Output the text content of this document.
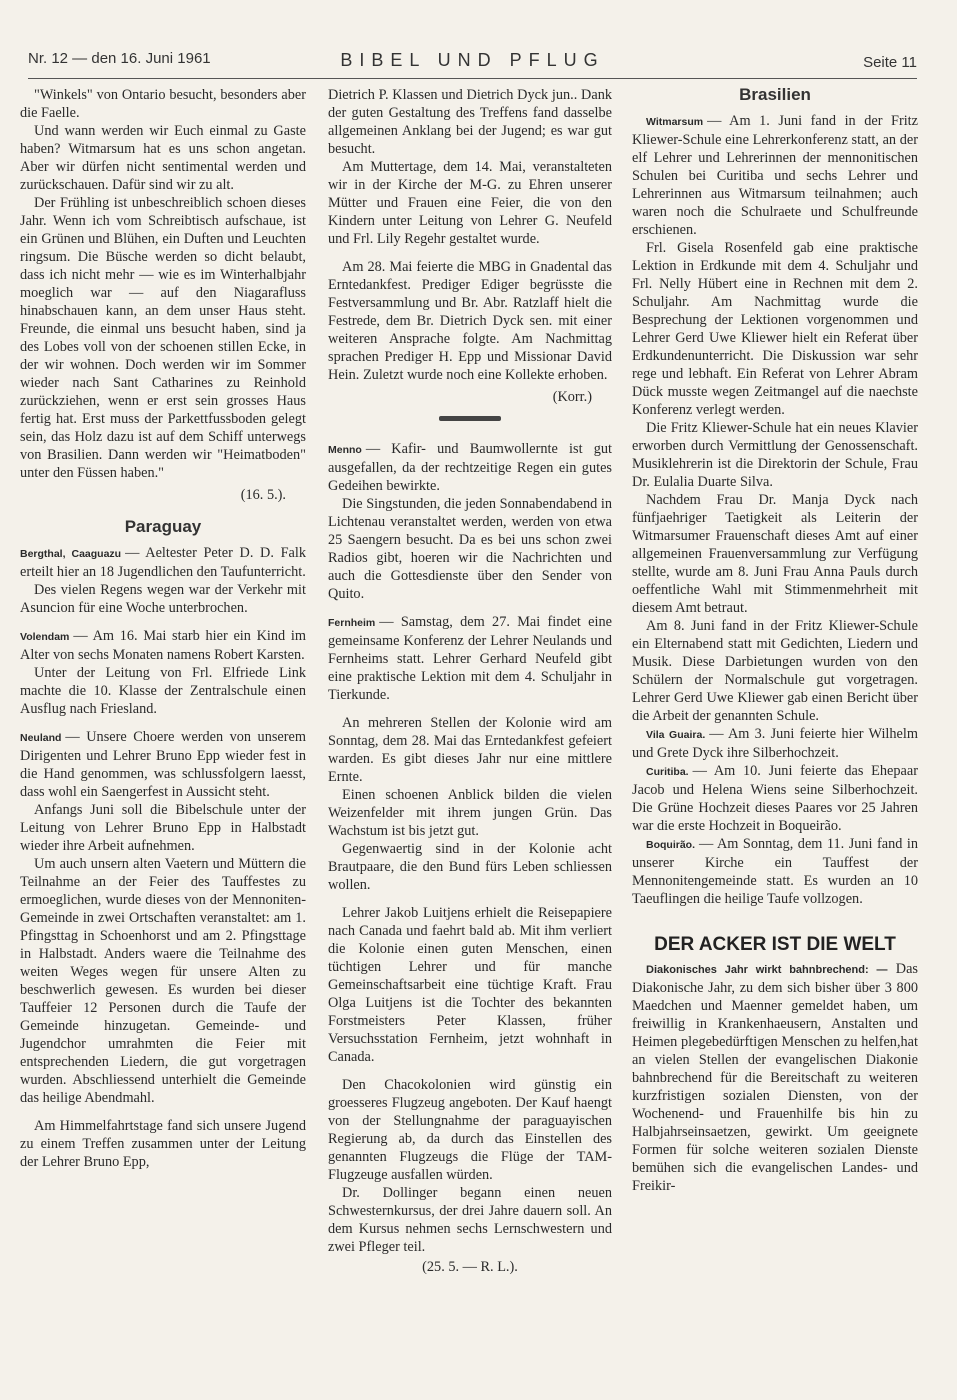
Nr. 12 — den 16. Juni 1961	BIBEL UND PFLUG	Seite 11

"Winkels" von Ontario besucht, besonders aber die Faelle.

Und wann werden wir Euch einmal zu Gaste haben? Witmarsum hat es uns schon angetan. Aber wir dürfen nicht sentimental werden und zurückschauen. Dafür sind wir zu alt.

Der Frühling ist unbeschreiblich schoen dieses Jahr. Wenn ich vom Schreibtisch aufschaue, ist ein Grünen und Blühen, ein Duften und Leuchten ringsum. Die Büsche werden so dicht belaubt, dass ich nicht mehr — wie es im Winterhalbjahr moeglich war — auf den Niagarafluss hinabschauen kann, an dem unser Haus steht. Freunde, die einmal uns besucht haben, sind ja des Lobes voll von der schoenen stillen Ecke, in der wir wohnen. Doch werden wir im Sommer wieder nach Sant Catharines zu Reinhold zurückziehen, wenn er erst sein grosses Haus fertig hat. Erst muss der Parkettfussboden gelegt sein, das Holz dazu ist auf dem Schiff unterwegs von Brasilien. Dann werden wir "Heimatboden" unter den Füssen haben."

(16. 5.).
Paraguay

Bergthal, Caaguazu — Aeltester Peter D. D. Falk erteilt hier an 18 Jugendlichen den Taufunterricht.

Des vielen Regens wegen war der Verkehr mit Asuncion für eine Woche unterbrochen.

Volendam — Am 16. Mai starb hier ein Kind im Alter von sechs Monaten namens Robert Karsten.

Unter der Leitung von Frl. Elfriede Link machte die 10. Klasse der Zentralschule einen Ausflug nach Friesland.

Neuland — Unsere Choere werden von unserem Dirigenten und Lehrer Bruno Epp wieder fest in die Hand genommen, was schlussfolgern laesst, dass wohl ein Saengerfest in Aussicht steht.

Anfangs Juni soll die Bibelschule unter der Leitung von Lehrer Bruno Epp in Halbstadt wieder ihre Arbeit aufnehmen.

Um auch unsern alten Vaetern und Müttern die Teilnahme an der Feier des Tauffestes zu ermoeglichen, wurde dieses von der Mennoniten-Gemeinde in zwei Ortschaften veranstaltet: am 1. Pfingsttag in Schoenhorst und am 2. Pfingsttage in Halbstadt. Anders waere die Teilnahme des weiten Weges wegen für unsere Alten zu beschwerlich gewesen. Es wurden bei dieser Tauffeier 12 Personen durch die Taufe der Gemeinde hinzugetan. Gemeinde- und Jugendchor umrahmten die Feier mit entsprechenden Liedern, die gut vorgetragen wurden. Abschliessend unterhielt die Gemeinde das heilige Abendmahl.

Am Himmelfahrtstage fand sich unsere Jugend zu einem Treffen zusammen unter der Leitung der Lehrer Bruno Epp,

Dietrich P. Klassen und Dietrich Dyck jun.. Dank der guten Gestaltung des Treffens fand dasselbe allgemeinen Anklang bei der Jugend; es war gut besucht.

Am Muttertage, dem 14. Mai, veranstalteten wir in der Kirche der M-G. zu Ehren unserer Mütter und Frauen eine Feier, die von den Kindern unter Leitung von Lehrer G. Neufeld und Frl. Lily Regehr gestaltet wurde.

Am 28. Mai feierte die MBG in Gnadental das Erntedankfest. Prediger Ediger begrüsste die Festversammlung und Br. Abr. Ratzlaff hielt die Festrede, dem Br. Dietrich Dyck sen. mit einer weiteren Ansprache folgte. Am Nachmittag sprachen Prediger H. Epp und Missionar David Hein. Zuletzt wurde noch eine Kollekte erhoben.

(Korr.)

Menno — Kafir- und Baumwollernte ist gut ausgefallen, da der rechtzeitige Regen ein gutes Gedeihen bewirkte.

Die Singstunden, die jeden Sonnabendabend in Lichtenau veranstaltet werden, werden von etwa 25 Saengern besucht. Da es bei uns schon zwei Radios gibt, hoeren wir die Nachrichten und auch die Gottesdienste über den Sender von Quito.

Fernheim — Samstag, dem 27. Mai findet eine gemeinsame Konferenz der Lehrer Neulands und Fernheims statt. Lehrer Gerhard Neufeld gibt eine praktische Lektion mit dem 4. Schuljahr in Tierkunde.

An mehreren Stellen der Kolonie wird am Sonntag, dem 28. Mai das Erntedankfest gefeiert warden. Es gibt dieses Jahr nur eine mittlere Ernte.

Einen schoenen Anblick bilden die vielen Weizenfelder mit ihrem jungen Grün. Das Wachstum ist bis jetzt gut.

Gegenwaertig sind in der Kolonie acht Brautpaare, die den Bund fürs Leben schliessen wollen.

Lehrer Jakob Luitjens erhielt die Reisepapiere nach Canada und faehrt bald ab. Mit ihm verliert die Kolonie einen guten Menschen, einen tüchtigen Lehrer und für manche Gemeinschaftsarbeit eine tüchtige Kraft. Frau Olga Luitjens ist die Tochter des bekannten Forstmeisters Peter Klassen, früher Versuchsstation Fernheim, jetzt wohnhaft in Canada.

Den Chacokolonien wird günstig ein groesseres Flugzeug angeboten. Der Kauf haengt von der Stellungnahme der paraguayischen Regierung ab, da durch das Einstellen des genannten Flugzeugs die Flüge der TAM-Flugzeuge ausfallen würden.

Dr. Dollinger begann einen neuen Schwesternkursus, der drei Jahre dauern soll. An dem Kursus nehmen sechs Lernschwestern und zwei Pfleger teil.

(25. 5. — R. L.).
Brasilien

Witmarsum — Am 1. Juni fand in der Fritz Kliewer-Schule eine Lehrerkonferenz statt, an der elf Lehrer und Lehrerinnen der mennonitischen Schulen bei Curitiba und sechs Lehrer und Lehrerinnen aus Witmarsum teilnahmen; auch waren noch die Schulraete und Schulfreunde erschienen.

Frl. Gisela Rosenfeld gab eine praktische Lektion in Erdkunde mit dem 4. Schuljahr und Frl. Nelly Hübert eine in Rechnen mit dem 2. Schuljahr. Am Nachmittag wurde die Besprechung der Lektionen vorgenommen und Lehrer Gerd Uwe Kliewer hielt ein Referat über Erdkundenunterricht. Die Diskussion war sehr rege und lebhaft. Ein Referat von Lehrer Abram Dück musste wegen Zeitmangel auf die naechste Konferenz verlegt werden.

Die Fritz Kliewer-Schule hat ein neues Klavier erworben durch Vermittlung der Genossenschaft. Musiklehrerin ist die Direktorin der Schule, Frau Dr. Eulalia Duarte Silva.

Nachdem Frau Dr. Manja Dyck nach fünfjaehriger Taetigkeit als Leiterin der Witmarsumer Frauenschaft dieses Amt auf einer allgemeinen Frauenversammlung zur Verfügung stellte, wurde am 8. Juni Frau Anna Pauls durch oeffentliche Wahl mit Stimmenmehrheit mit diesem Amt betraut.

Am 8. Juni fand in der Fritz Kliewer-Schule ein Elternabend statt mit Gedichten, Liedern und Musik. Diese Darbietungen wurden von den Schülern der Normalschule gut vorgetragen. Lehrer Gerd Uwe Kliewer gab einen Bericht über die Arbeit der genannten Schule.

Vila Guaira. — Am 3. Juni feierte hier Wilhelm und Grete Dyck ihre Silberhochzeit.

Curitiba. — Am 10. Juni feierte das Ehepaar Jacob und Helena Wiens seine Silberhochzeit. Die Grüne Hochzeit dieses Paares vor 25 Jahren war die erste Hochzeit in Boqueirão.

Boquirão. — Am Sonntag, dem 11. Juni fand in unserer Kirche ein Tauffest der Mennonitengemeinde statt. Es wurden an 10 Taeuflingen die heilige Taufe vollzogen.

DER ACKER IST DIE WELT

Diakonisches Jahr wirkt bahnbrechend: — Das Diakonische Jahr, zu dem sich bisher über 3 800 Maedchen und Maenner gemeldet haben, um freiwillig in Krankenhaeusern, Anstalten und Heimen plegebedürftigen Menschen zu helfen,hat an vielen Stellen der evangelischen Diakonie bahnbrechend für die Bereitschaft zu weiteren kurzfristigen sozialen Diensten, von der Wochenend- und Frauenhilfe bis hin zu Halbjahrseinsaetzen, gewirkt. Um geeignete Formen für solche weiteren sozialen Dienste bemühen sich die evangelischen Landes- und Freikir-
